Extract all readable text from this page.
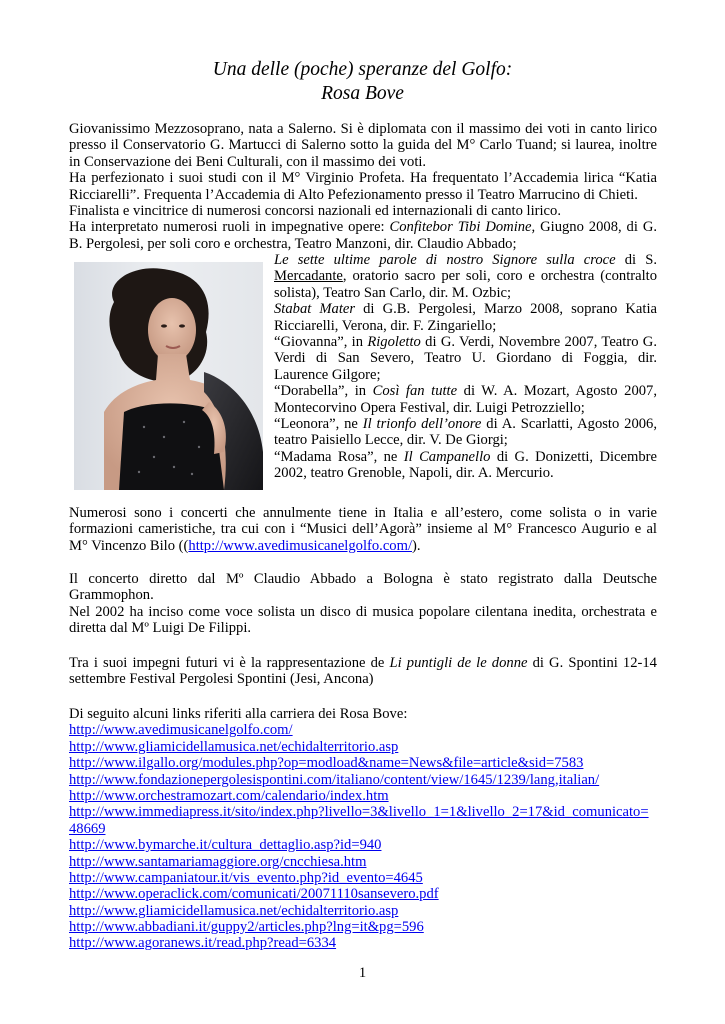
Una delle (poche) speranze del Golfo:
Rosa Bove
Giovanissimo Mezzosoprano, nata a Salerno. Si è diplomata con il massimo dei voti in canto lirico
presso il Conservatorio G. Martucci di Salerno sotto la guida del M° Carlo Tuand; si laurea, inoltre
in Conservazione dei Beni Culturali, con il massimo dei voti.
Ha perfezionato i suoi studi con il M° Virginio Profeta. Ha frequentato l’Accademia lirica “Katia
Ricciarelli”. Frequenta l’Accademia di Alto Pefezionamento presso il Teatro Marrucino di Chieti.
Finalista e vincitrice di numerosi concorsi nazionali ed internazionali di canto lirico.
Ha interpretato numerosi ruoli in impegnative opere: Confitebor Tibi Domine, Giugno 2008, di G.
B. Pergolesi, per soli coro e orchestra, Teatro Manzoni, dir. Claudio Abbado;
Le sette ultime parole di nostro Signore sulla croce di S.
Mercadante, oratorio sacro per soli, coro e orchestra (contralto
solista), Teatro San Carlo, dir. M. Ozbic;
Stabat Mater di G.B. Pergolesi, Marzo 2008, soprano Katia
Ricciarelli, Verona, dir. F. Zingariello;
“Giovanna”, in Rigoletto di G. Verdi, Novembre 2007, Teatro G.
Verdi di San Severo, Teatro U. Giordano di Foggia, dir.
Laurence Gilgore;
“Dorabella”, in Così fan tutte di W. A. Mozart, Agosto 2007,
Montecorvino Opera Festival, dir. Luigi Petrozziello;
“Leonora”, ne Il trionfo dell’onore di A. Scarlatti, Agosto 2006,
teatro Paisiello Lecce, dir. V. De Giorgi;
“Madama Rosa”, ne Il Campanello di G. Donizetti, Dicembre
2002, teatro Grenoble, Napoli, dir. A. Mercurio.
Numerosi sono i concerti che annulmente tiene in Italia e all’estero, come solista o in varie
formazioni cameristiche, tra cui con i “Musici dell’Agorà” insieme al M° Francesco Augurio e al
M° Vincenzo Bilo ((http://www.avedimusicanelgolfo.com/).
Il concerto diretto dal Mº Claudio Abbado a Bologna è stato registrato dalla Deutsche
Grammophon.
Nel 2002 ha inciso come voce solista un disco di musica popolare cilentana inedita, orchestrata e
diretta dal Mº Luigi De Filippi.
Tra i suoi impegni futuri vi è la rappresentazione de Li puntigli de le donne di G. Spontini 12-14
settembre Festival Pergolesi Spontini (Jesi, Ancona)
Di seguito alcuni links riferiti alla carriera dei Rosa Bove:
http://www.avedimusicanelgolfo.com/
http://www.gliamicidellamusica.net/echidalterritorio.asp
http://www.ilgallo.org/modules.php?op=modload&name=News&file=article&sid=7583
http://www.fondazionepergolesispontini.com/italiano/content/view/1645/1239/lang,italian/
http://www.orchestramozart.com/calendario/index.htm
http://www.immediapress.it/sito/index.php?livello=3&livello_1=1&livello_2=17&id_comunicato=
48669
http://www.bymarche.it/cultura_dettaglio.asp?id=940
http://www.santamariamaggiore.org/cncchiesa.htm
http://www.campaniatour.it/vis_evento.php?id_evento=4645
http://www.operaclick.com/comunicati/20071110sansevero.pdf
http://www.gliamicidellamusica.net/echidalterritorio.asp
http://www.abbadiani.it/guppy2/articles.php?lng=it&pg=596
http://www.agoranews.it/read.php?read=6334
1
